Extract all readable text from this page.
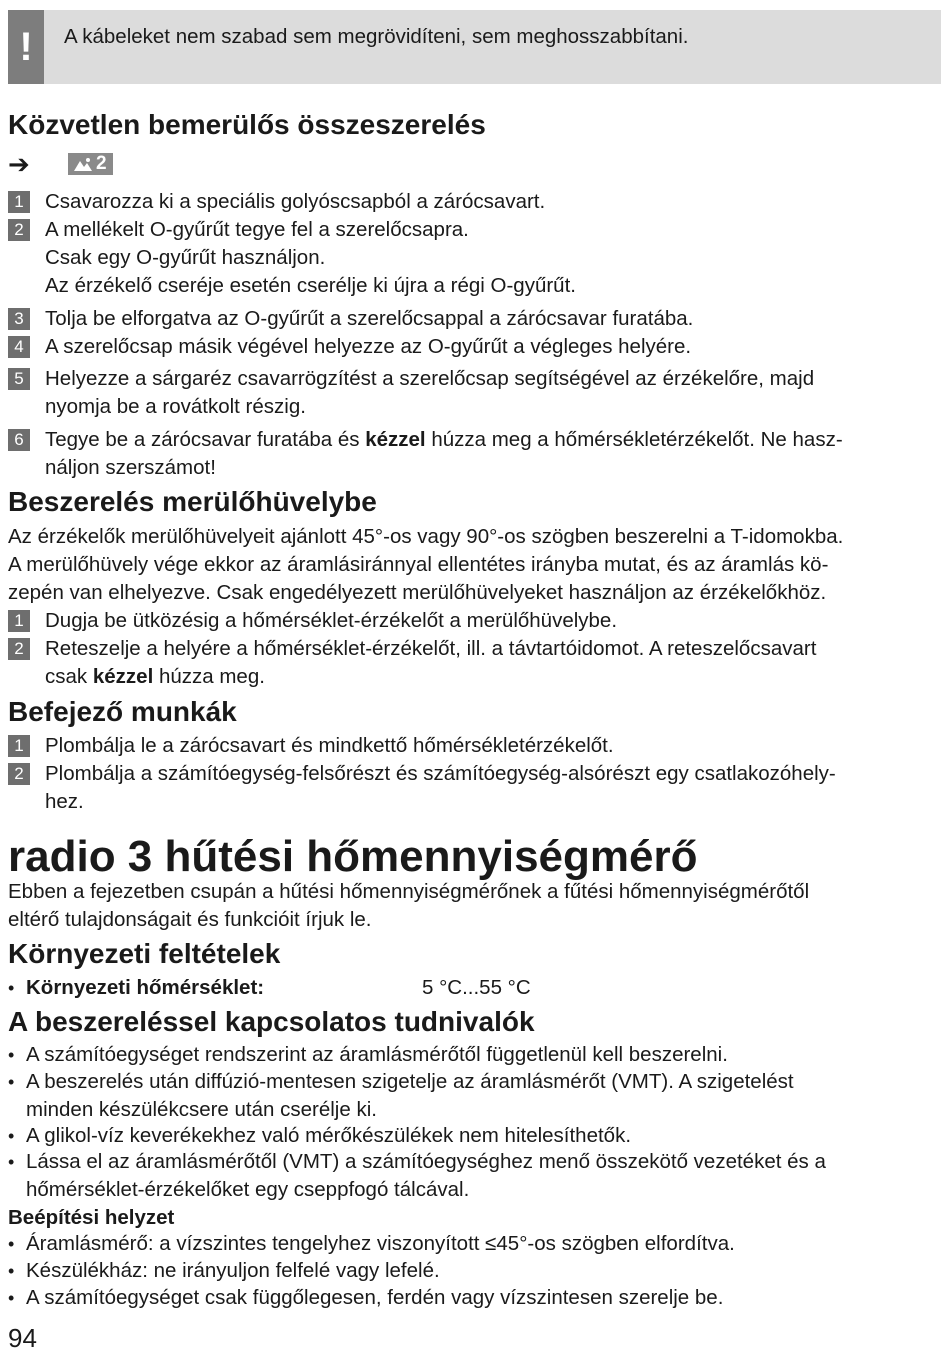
!	A kábeleket nem szabad sem megrövidíteni, sem meghosszabbítani.
Közvetlen bemerülős összeszerelés
➔	2
1	Csavarozza ki a speciális golyóscsapból a zárócsavart.
2	A mellékelt O-gyűrűt tegye fel a szerelőcsapra.
Csak egy O-gyűrűt használjon.
Az érzékelő cseréje esetén cserélje ki újra a régi O-gyűrűt.
3	Tolja be elforgatva az O-gyűrűt a szerelőcsappal a zárócsavar furatába.
4	A szerelőcsap másik végével helyezze az O-gyűrűt a végleges helyére.
5	Helyezze a sárgaréz csavarrögzítést a szerelőcsap segítségével az érzékelőre, majd
nyomja be a rovátkolt részig.
6	Tegye be a zárócsavar furatába és kézzel húzza meg a hőmérsékletérzékelőt. Ne hasz-
náljon szerszámot!
Beszerelés merülőhüvelybe
Az érzékelők merülőhüvelyeit ajánlott 45°-os vagy 90°-os szögben beszerelni a T-idomokba.
A merülőhüvely vége ekkor az áramlásiránnyal ellentétes irányba mutat, és az áramlás kö-
zepén van elhelyezve. Csak engedélyezett merülőhüvelyeket használjon az érzékelőkhöz.
1	Dugja be ütközésig a hőmérséklet-érzékelőt a merülőhüvelybe.
2	Reteszelje a helyére a hőmérséklet-érzékelőt, ill. a távtartóidomot. A reteszelőcsavart
csak kézzel húzza meg.
Befejező munkák
1	Plombálja le a zárócsavart és mindkettő hőmérsékletérzékelőt.
2	Plombálja a számítóegység-felsőrészt és számítóegység-alsórészt egy csatlakozóhely-
hez.
radio 3 hűtési hőmennyiségmérő
Ebben a fejezetben csupán a hűtési hőmennyiségmérőnek a fűtési hőmennyiségmérőtől
eltérő tulajdonságait és funkcióit írjuk le.
Környezeti feltételek
• Környezeti hőmérséklet:	5 °C...55 °C
A beszereléssel kapcsolatos tudnivalók
• A számítóegységet rendszerint az áramlásmérőtől függetlenül kell beszerelni.
• A beszerelés után diffúzió-mentesen szigetelje az áramlásmérőt (VMT). A szigetelést
minden készülékcsere után cserélje ki.
• A glikol-víz keverékekhez való mérőkészülékek nem hitelesíthetők.
• Lássa el az áramlásmérőtől (VMT) a számítóegységhez menő összekötő vezetéket és a
hőmérséklet-érzékelőket egy cseppfogó tálcával.
Beépítési helyzet
• Áramlásmérő: a vízszintes tengelyhez viszonyított ≤45°-os szögben elfordítva.
• Készülékház: ne irányuljon felfelé vagy lefelé.
• A számítóegységet csak függőlegesen, ferdén vagy vízszintesen szerelje be.
94
